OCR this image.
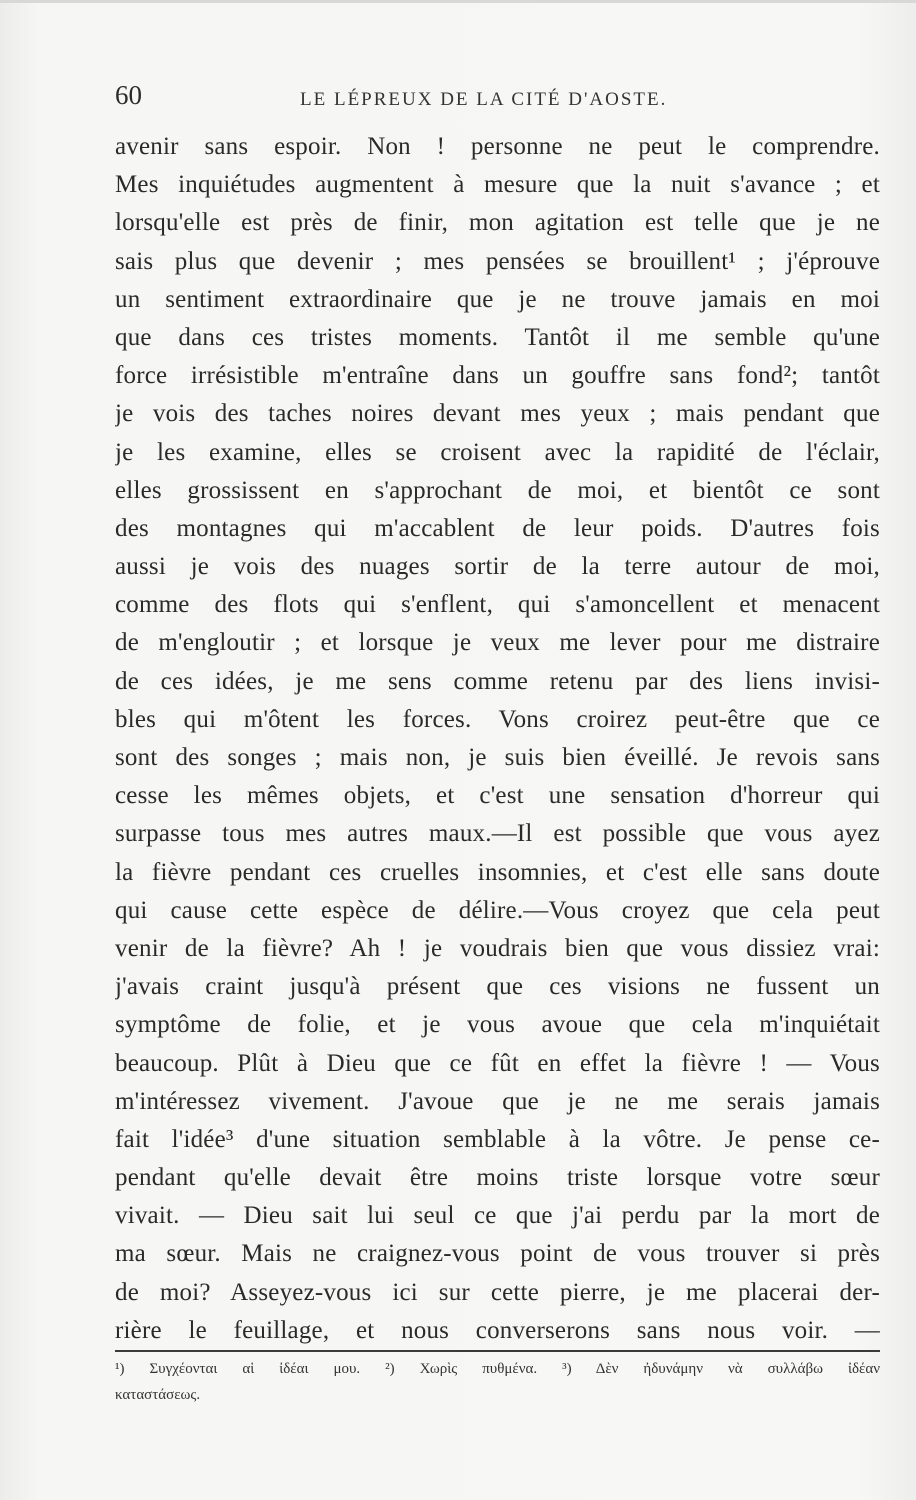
60	LE LÉPREUX DE LA CITÉ D'AOSTE.
avenir sans espoir. Non ! personne ne peut le comprendre.
Mes inquiétudes augmentent à mesure que la nuit s'avance ; et
lorsqu'elle est près de finir, mon agitation est telle que je ne
sais plus que devenir ; mes pensées se brouillent¹ ; j'éprouve
un sentiment extraordinaire que je ne trouve jamais en moi
que dans ces tristes moments. Tantôt il me semble qu'une
force irrésistible m'entraîne dans un gouffre sans fond²; tantôt
je vois des taches noires devant mes yeux ; mais pendant que
je les examine, elles se croisent avec la rapidité de l'éclair,
elles grossissent en s'approchant de moi, et bientôt ce sont
des montagnes qui m'accablent de leur poids. D'autres fois
aussi je vois des nuages sortir de la terre autour de moi,
comme des flots qui s'enflent, qui s'amoncellent et menacent
de m'engloutir ; et lorsque je veux me lever pour me distraire
de ces idées, je me sens comme retenu par des liens invisi-
bles qui m'ôtent les forces. Vons croirez peut-être que ce
sont des songes ; mais non, je suis bien éveillé. Je revois sans
cesse les mêmes objets, et c'est une sensation d'horreur qui
surpasse tous mes autres maux.—Il est possible que vous ayez
la fièvre pendant ces cruelles insomnies, et c'est elle sans doute
qui cause cette espèce de délire.—Vous croyez que cela peut
venir de la fièvre? Ah ! je voudrais bien que vous dissiez vrai:
j'avais craint jusqu'à présent que ces visions ne fussent un
symptôme de folie, et je vous avoue que cela m'inquiétait
beaucoup. Plût à Dieu que ce fût en effet la fièvre ! — Vous
m'intéressez vivement. J'avoue que je ne me serais jamais
fait l'idée³ d'une situation semblable à la vôtre. Je pense ce-
pendant qu'elle devait être moins triste lorsque votre sœur
vivait. — Dieu sait lui seul ce que j'ai perdu par la mort de
ma sœur. Mais ne craignez-vous point de vous trouver si près
de moi? Asseyez-vous ici sur cette pierre, je me placerai der-
rière le feuillage, et nous converserons sans nous voir. —
¹) Συγχέονται αἱ ἰδέαι μου. ²) Χωρὶς πυθμένα. ³) Δὲν ἠδυνάμην νὰ συλλάβω ἰδέαν
καταστάσεως.
